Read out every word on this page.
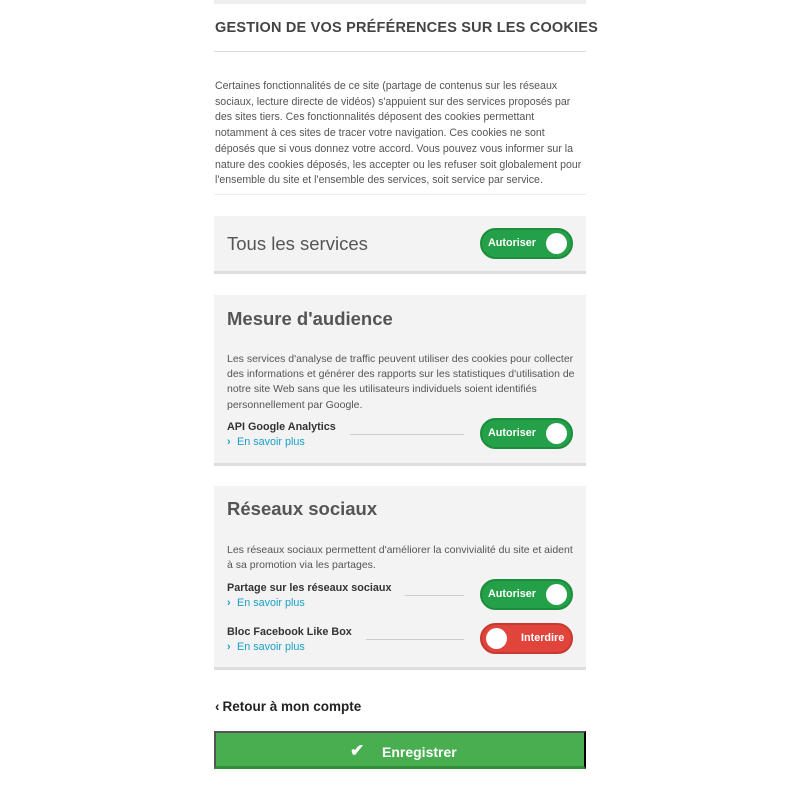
GESTION DE VOS PRÉFÉRENCES SUR LES COOKIES

Certaines fonctionnalités de ce site (partage de contenus sur les réseaux sociaux, lecture directe de vidéos) s'appuient sur des services proposés par des sites tiers. Ces fonctionnalités déposent des cookies permettant notamment à ces sites de tracer votre navigation. Ces cookies ne sont déposés que si vous donnez votre accord. Vous pouvez vous informer sur la nature des cookies déposés, les accepter ou les refuser soit globalement pour l'ensemble du site et l'ensemble des services, soit service par service.

Tous les services	Autoriser
Mesure d'audience

Les services d'analyse de traffic peuvent utiliser des cookies pour collecter des informations et générer des rapports sur les statistiques d'utilisation de notre site Web sans que les utilisateurs individuels soient identifiés personnellement par Google.

API Google Analytics
› En savoir plus
Autoriser
Réseaux sociaux

Les réseaux sociaux permettent d'améliorer la convivialité du site et aident à sa promotion via les partages.

Partage sur les réseaux sociaux
› En savoir plus
Autoriser
Bloc Facebook Like Box
› En savoir plus
Interdire
‹ Retour à mon compte
✔ Enregistrer
